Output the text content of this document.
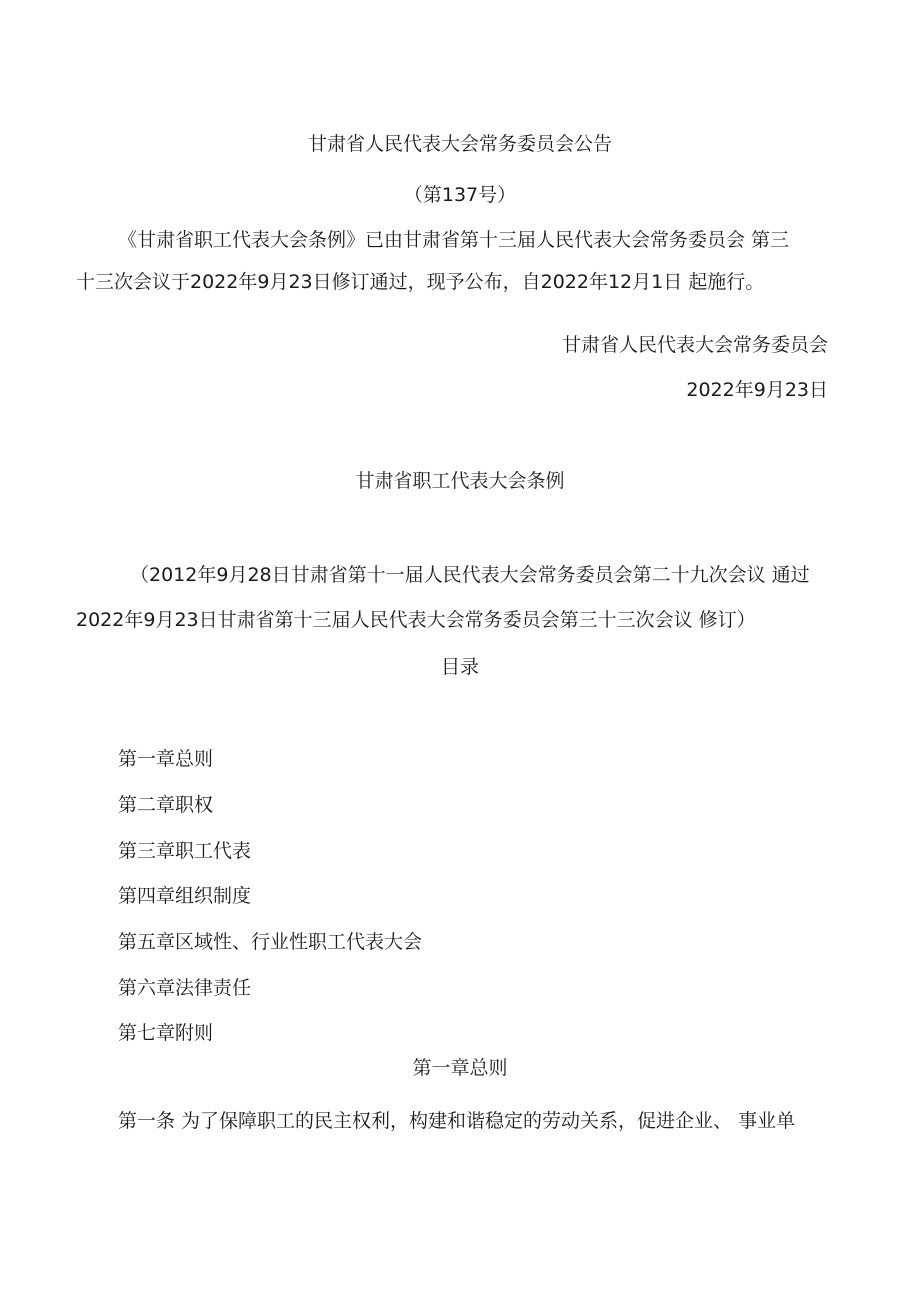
甘肃省人民代表大会常务委员会公告
（第137号）
《甘肃省职工代表大会条例》已由甘肃省第十三届人民代表大会常务委员会 第三
十三次会议于2022年9月23日修订通过，现予公布，自2022年12月1日 起施行。
甘肃省人民代表大会常务委员会
2022年9月23日
甘肃省职工代表大会条例
（2012年9月28日甘肃省第十一届人民代表大会常务委员会第二十九次会议 通过
2022年9月23日甘肃省第十三届人民代表大会常务委员会第三十三次会议 修订）
目录
第一章总则
第二章职权
第三章职工代表
第四章组织制度
第五章区域性、行业性职工代表大会
第六章法律责任
第七章附则
第一章总则
第一条 为了保障职工的民主权利，构建和谐稳定的劳动关系，促进企业、 事业单
